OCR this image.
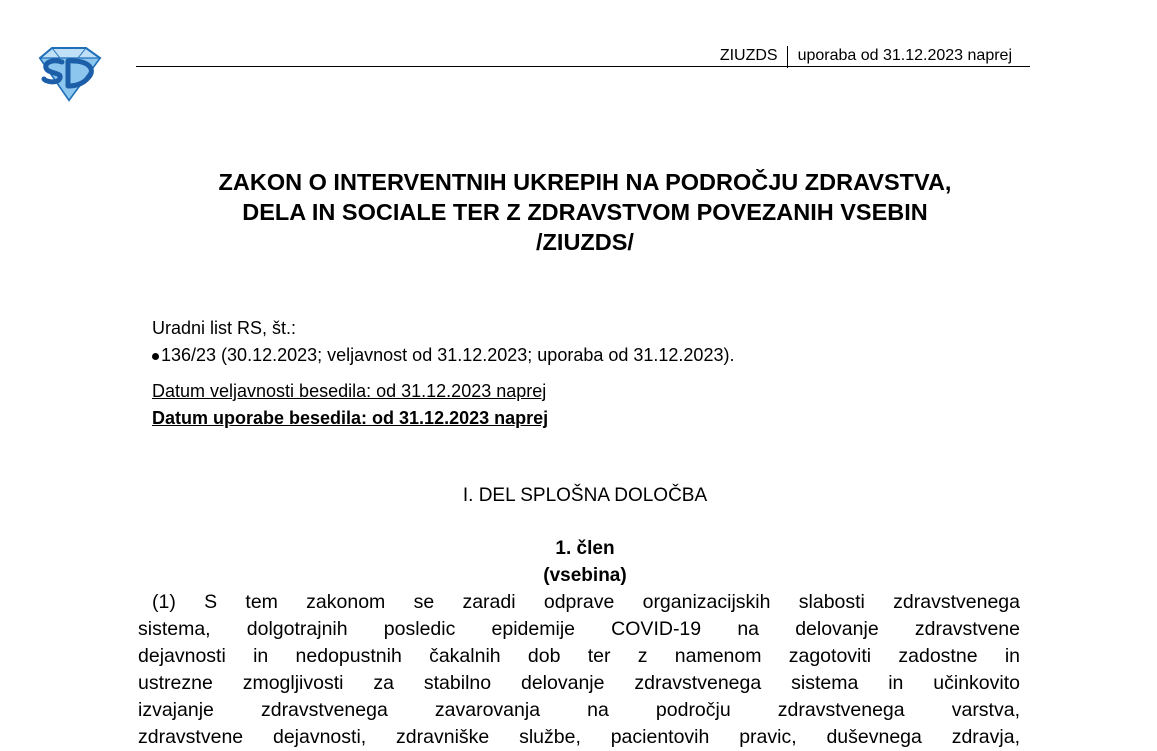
ZIUZDS uporaba od 31.12.2023 naprej
ZAKON O INTERVENTNIH UKREPIH NA PODROČJU ZDRAVSTVA,
DELA IN SOCIALE TER Z ZDRAVSTVOM POVEZANIH VSEBIN
/ZIUZDS/
Uradni list RS, št.:
136/23 (30.12.2023; veljavnost od 31.12.2023; uporaba od 31.12.2023).
Datum veljavnosti besedila: od 31.12.2023 naprej
Datum uporabe besedila: od 31.12.2023 naprej
I. DEL SPLOŠNA DOLOČBA
1. člen
(vsebina)
(1) S tem zakonom se zaradi odprave organizacijskih slabosti zdravstvenega
sistema, dolgotrajnih posledic epidemije COVID-19 na delovanje zdravstvene
dejavnosti in nedopustnih čakalnih dob ter z namenom zagotoviti zadostne in
ustrezne zmogljivosti za stabilno delovanje zdravstvenega sistema in učinkovito
izvajanje zdravstvenega zavarovanja na področju zdravstvenega varstva,
zdravstvene dejavnosti, zdravniške službe, pacientovih pravic, duševnega zdravja,
